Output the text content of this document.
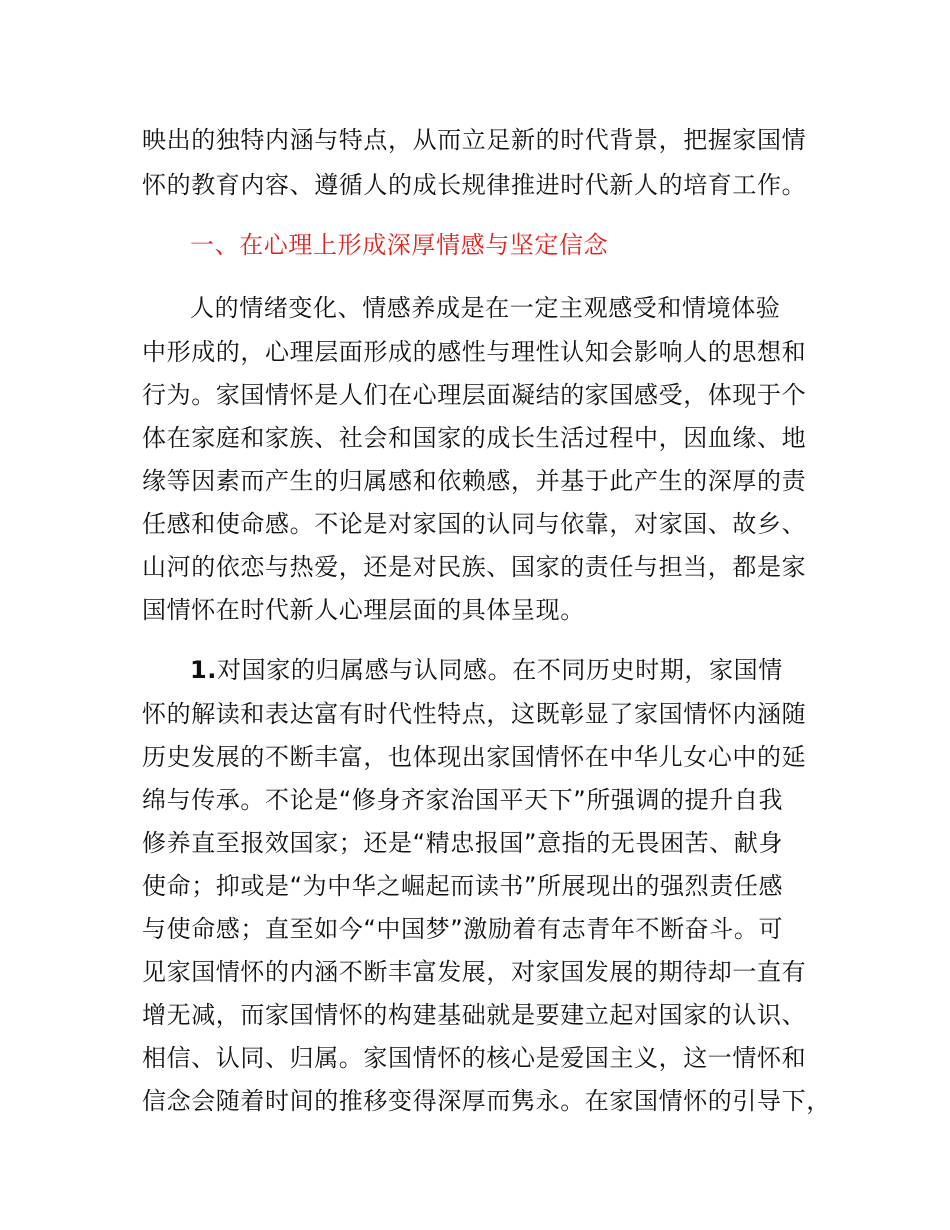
映出的独特内涵与特点，从而立足新的时代背景，把握家国情
怀的教育内容、遵循人的成长规律推进时代新人的培育工作。
一、在心理上形成深厚情感与坚定信念
人的情绪变化、情感养成是在一定主观感受和情境体验
中形成的，心理层面形成的感性与理性认知会影响人的思想和
行为。家国情怀是人们在心理层面凝结的家国感受，体现于个
体在家庭和家族、社会和国家的成长生活过程中，因血缘、地
缘等因素而产生的归属感和依赖感，并基于此产生的深厚的责
任感和使命感。不论是对家国的认同与依靠，对家国、故乡、
山河的依恋与热爱，还是对民族、国家的责任与担当，都是家
国情怀在时代新人心理层面的具体呈现。
1.对国家的归属感与认同感。在不同历史时期，家国情
怀的解读和表达富有时代性特点，这既彰显了家国情怀内涵随
历史发展的不断丰富，也体现出家国情怀在中华儿女心中的延
绵与传承。不论是“修身齐家治国平天下”所强调的提升自我
修养直至报效国家；还是“精忠报国”意指的无畏困苦、献身
使命；抑或是“为中华之崛起而读书”所展现出的强烈责任感
与使命感；直至如今“中国梦”激励着有志青年不断奋斗。可
见家国情怀的内涵不断丰富发展，对家国发展的期待却一直有
增无减，而家国情怀的构建基础就是要建立起对国家的认识、
相信、认同、归属。家国情怀的核心是爱国主义，这一情怀和
信念会随着时间的推移变得深厚而隽永。在家国情怀的引导下，
